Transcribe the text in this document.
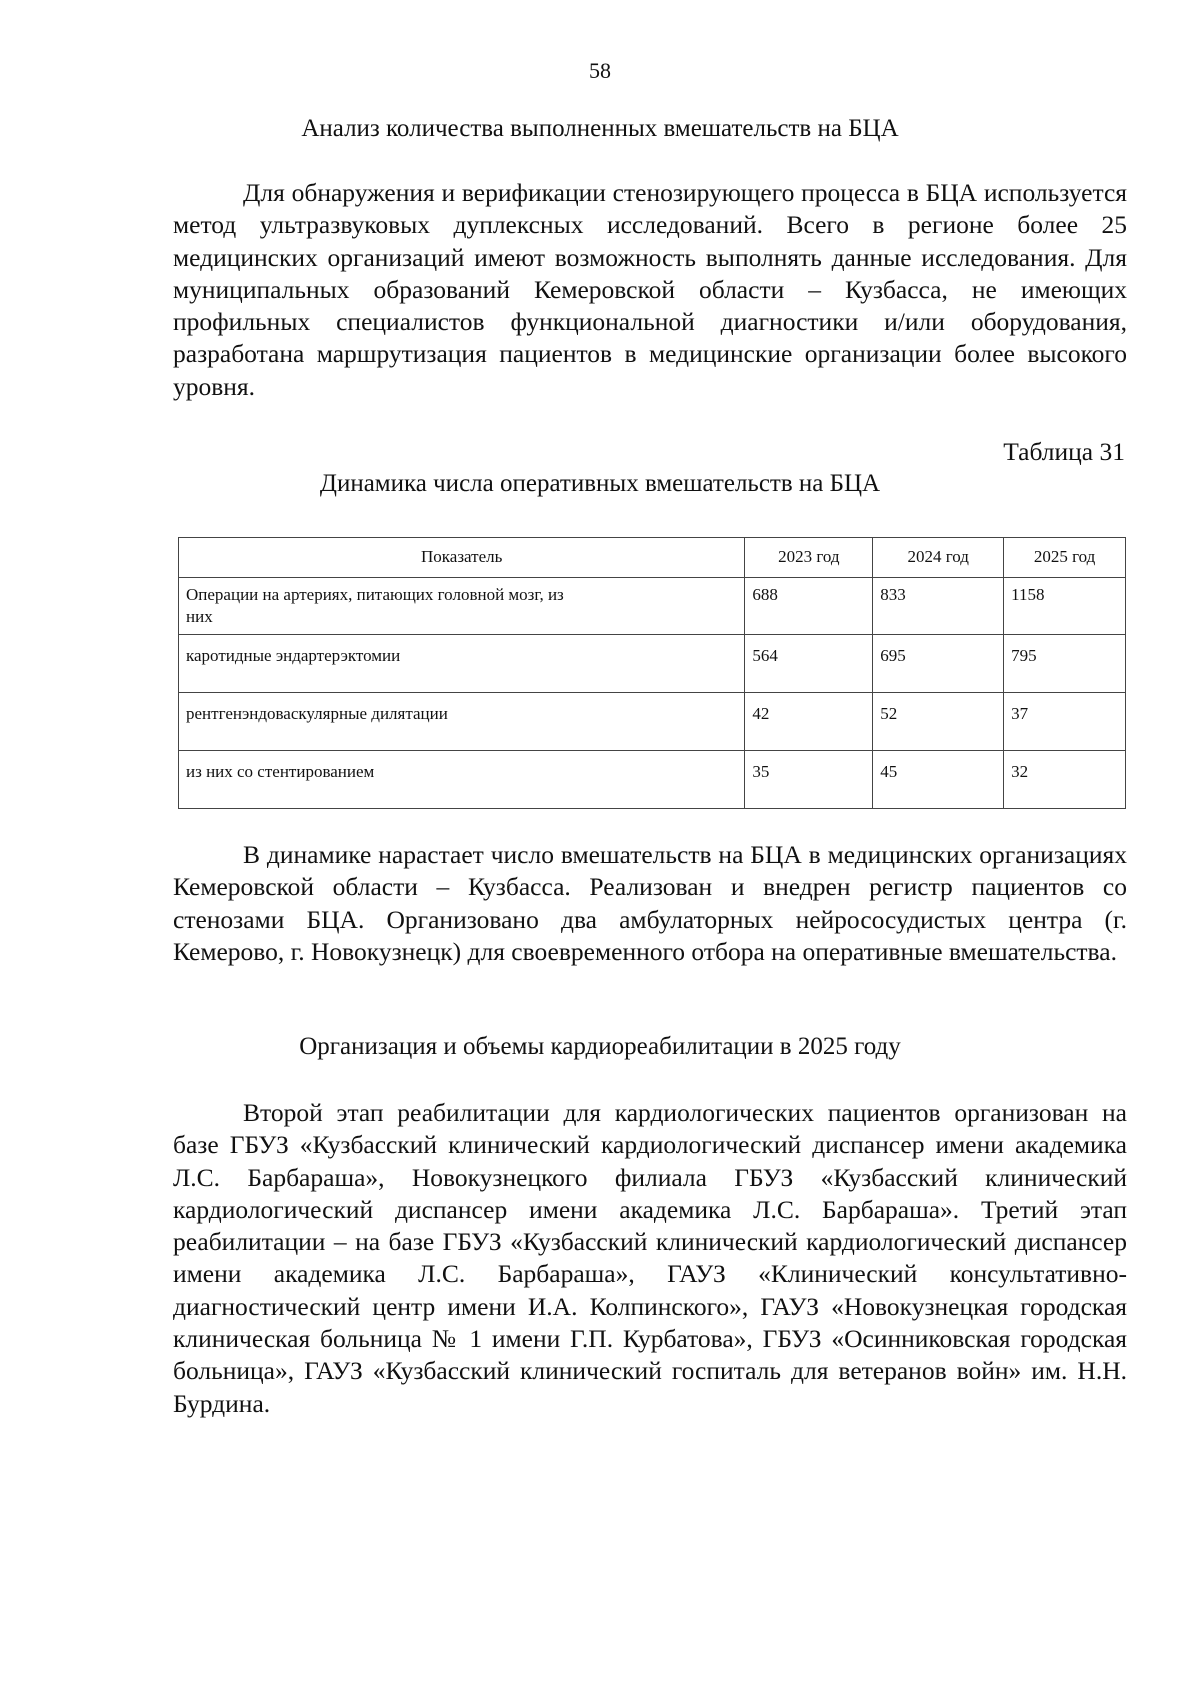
58
Анализ количества выполненных вмешательств на БЦА

Для обнаружения и верификации стенозирующего процесса в БЦА используется метод ультразвуковых дуплексных исследований. Всего в регионе более 25 медицинских организаций имеют возможность выполнять данные исследования. Для муниципальных образований Кемеровской области – Кузбасса, не имеющих профильных специалистов функциональной диагностики и/или оборудования, разработана маршрутизация пациентов в медицинские организации более высокого уровня.

Таблица 31
Динамика числа оперативных вмешательств на БЦА
Показатель	2023 год	2024 год	2025 год
Операции на артериях, питающих головной мозг, из них	688	833	1158
каротидные эндартерэктомии	564	695	795
рентгенэндоваскулярные дилятации	42	52	37
из них со стентированием	35	45	32

В динамике нарастает число вмешательств на БЦА в медицинских организациях Кемеровской области – Кузбасса. Реализован и внедрен регистр пациентов со стенозами БЦА. Организовано два амбулаторных нейрососудистых центра (г. Кемерово, г. Новокузнецк) для своевременного отбора на оперативные вмешательства.

Организация и объемы кардиореабилитации в 2025 году

Второй этап реабилитации для кардиологических пациентов организован на базе ГБУЗ «Кузбасский клинический кардиологический диспансер имени академика Л.С. Барбараша», Новокузнецкого филиала ГБУЗ «Кузбасский клинический кардиологический диспансер имени академика Л.С. Барбараша». Третий этап реабилитации – на базе ГБУЗ «Кузбасский клинический кардиологический диспансер имени академика Л.С. Барбараша», ГАУЗ «Клинический консультативно-диагностический центр имени И.А. Колпинского», ГАУЗ «Новокузнецкая городская клиническая больница № 1 имени Г.П. Курбатова», ГБУЗ «Осинниковская городская больница», ГАУЗ «Кузбасский клинический госпиталь для ветеранов войн» им. Н.Н. Бурдина.
